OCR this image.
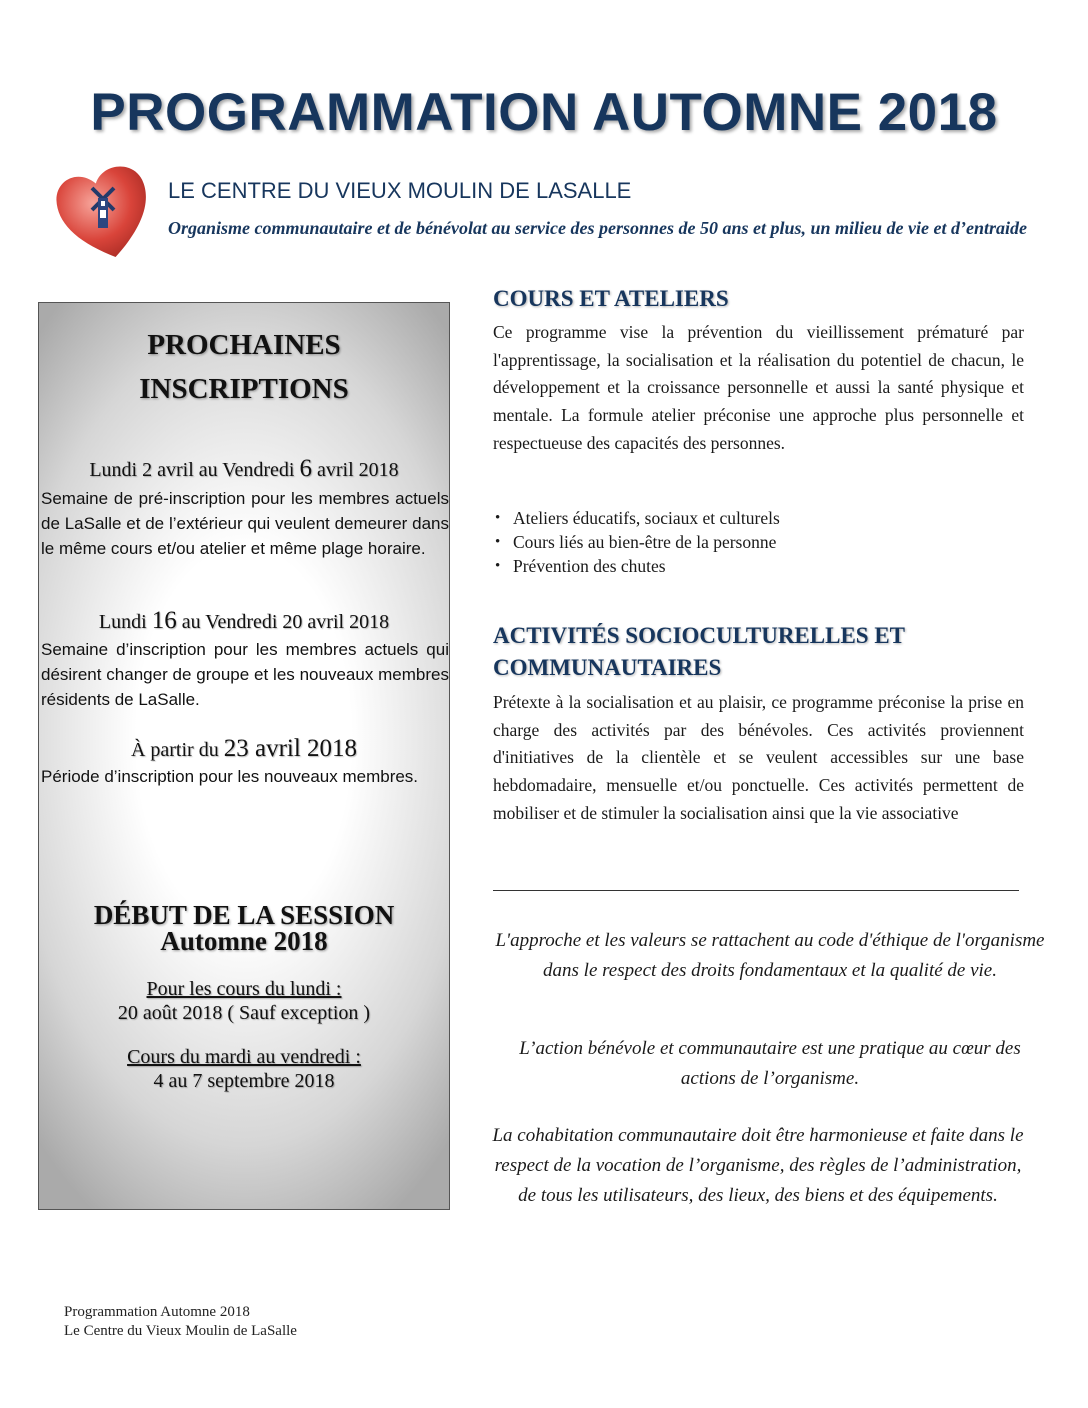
PROGRAMMATION AUTOMNE 2018
LE CENTRE DU VIEUX MOULIN DE LASALLE
Organisme communautaire et de bénévolat au service des personnes de 50 ans et plus, un milieu de vie et d’entraide
PROCHAINES
INSCRIPTIONS
Lundi 2 avril au Vendredi 6 avril 2018
Semaine de pré-inscription pour les membres actuels de LaSalle et de l’extérieur qui veulent demeurer dans le même cours et/ou atelier et même plage horaire.
Lundi 16 au Vendredi 20 avril 2018
Semaine d’inscription pour les membres actuels qui désirent changer de groupe et les nouveaux membres résidents de LaSalle.
À partir du 23 avril 2018
Période d’inscription pour les nouveaux membres.
DÉBUT DE LA SESSION
Automne 2018
Pour les cours du lundi :
20 août 2018 ( Sauf exception )
Cours du mardi au vendredi :
4 au 7 septembre 2018
COURS ET ATELIERS
Ce programme vise la prévention du vieillissement prématuré par l'apprentissage, la socialisation et la réalisation du potentiel de chacun, le développement et la croissance personnelle et aussi la santé physique et mentale. La formule atelier préconise une approche plus personnelle et respectueuse des capacités des personnes.
• Ateliers éducatifs, sociaux et culturels
• Cours liés au bien-être de la personne
• Prévention des chutes
ACTIVITÉS SOCIOCULTURELLES ET
COMMUNAUTAIRES
Prétexte à la socialisation et au plaisir, ce programme préconise la prise en charge des activités par des bénévoles. Ces activités proviennent d'initiatives de la clientèle et se veulent accessibles sur une base hebdomadaire, mensuelle et/ou ponctuelle. Ces activités permettent de mobiliser et de stimuler la socialisation ainsi que la vie associative
L'approche et les valeurs se rattachent au code d'éthique de l'organisme dans le respect des droits fondamentaux et la qualité de vie.
L’action bénévole et communautaire est une pratique au cœur des actions de l’organisme.
La cohabitation communautaire doit être harmonieuse et faite dans le respect de la vocation de l’organisme, des règles de l’administration, de tous les utilisateurs, des lieux, des biens et des équipements.
Programmation Automne 2018
Le Centre du Vieux Moulin de LaSalle
